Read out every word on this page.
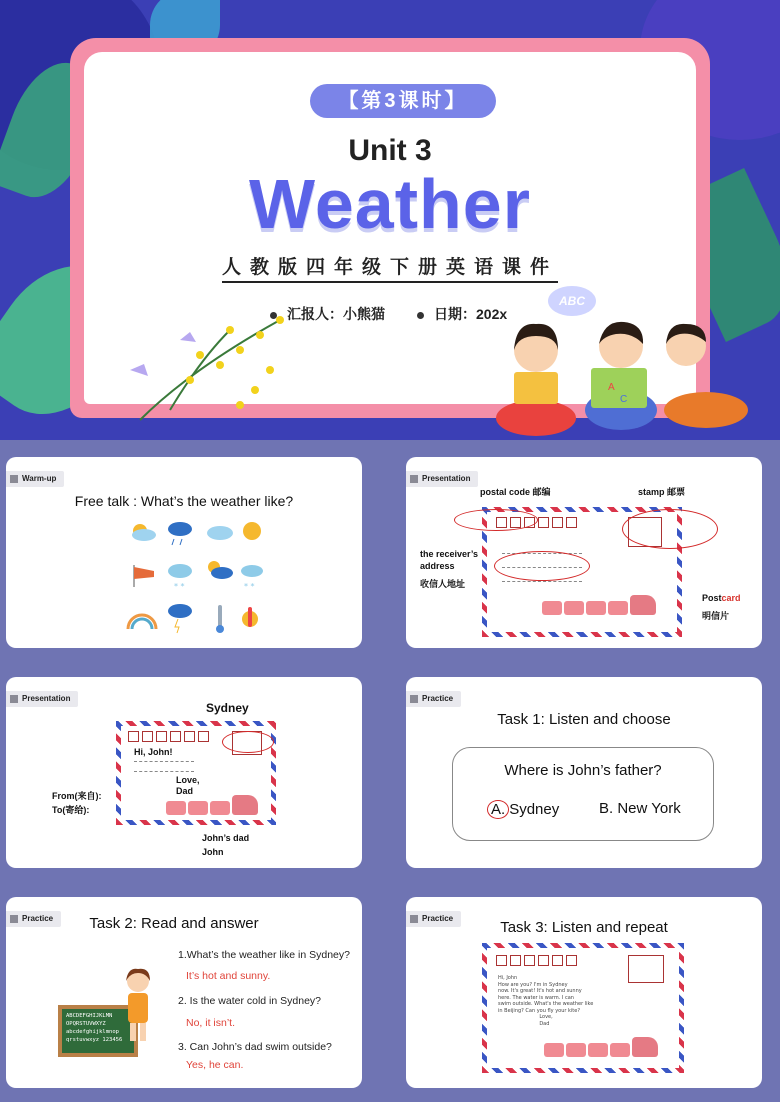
【第3课时】
Unit 3
Weather
人教版四年级下册英语课件
汇报人：小熊猫	日期：202x
ABC
A
C
Warm-up
Free talk : What’s the weather like?
* *	* *
Presentation
postal code 邮编	stamp 邮票
the receiver’s
address
收信人地址
Postcard
明信片
Presentation
Sydney
Hi, John!
Love,
Dad
From(来自):
To(寄给):
John’s dad
John
Practice
Task 1: Listen and choose
Where is John’s father?
A. Sydney	B. New York
Practice	Task 2: Read and answer
ABCDEFGHIJKLMN OPQRSTUVWXYZ abcdefghijklmnop qrstuvwxyz 123456
1.What’s the weather like in Sydney?
It’s hot and sunny.
2. Is the water cold in Sydney?
No, it isn’t.
3. Can John’s dad swim outside?
Yes, he can.
Practice
Task 3: Listen and repeat
Hi, John
How are you? I'm in Sydney
now. It's great! It's hot and sunny
here. The water is warm. I can
swim outside. What's the weather like
in Beijing? Can you fly your kite?
Love,
Dad
